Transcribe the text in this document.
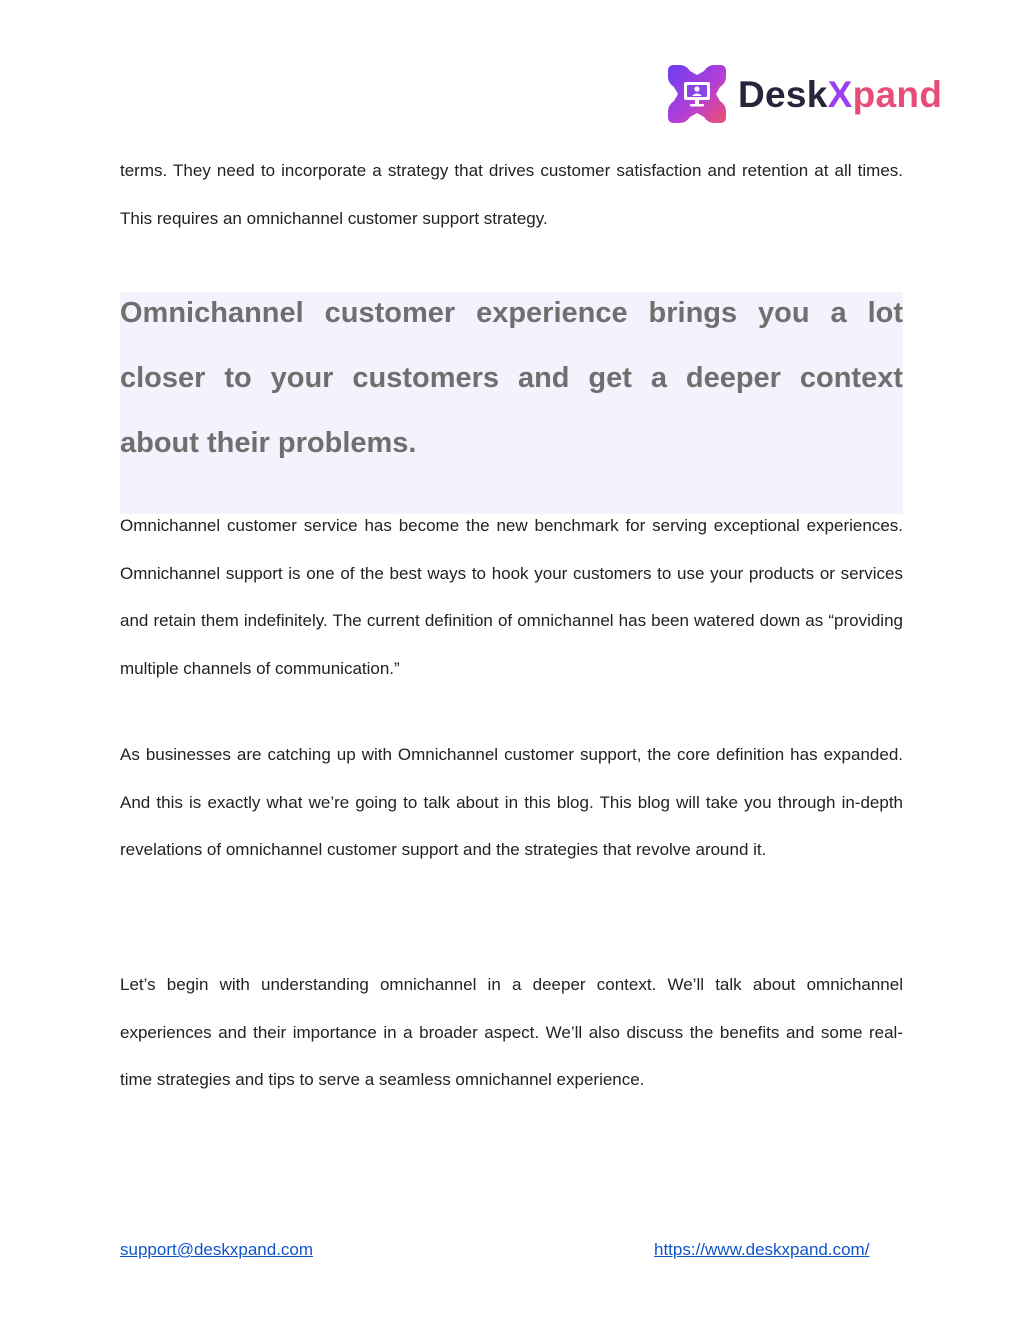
DeskXpand

terms. They need to incorporate a strategy that drives customer satisfaction and retention at all times. This requires an omnichannel customer support strategy.

Omnichannel customer experience brings you a lot closer to your customers and get a deeper context about their problems.

Omnichannel customer service has become the new benchmark for serving exceptional experiences. Omnichannel support is one of the best ways to hook your customers to use your products or services and retain them indefinitely. The current definition of omnichannel has been watered down as “providing multiple channels of communication.”

As businesses are catching up with Omnichannel customer support, the core definition has expanded. And this is exactly what we’re going to talk about in this blog. This blog will take you through in-depth revelations of omnichannel customer support and the strategies that revolve around it.

Let’s begin with understanding omnichannel in a deeper context. We’ll talk about omnichannel experiences and their importance in a broader aspect. We’ll also discuss the benefits and some real-time strategies and tips to serve a seamless omnichannel experience.

support@deskxpand.com	https://www.deskxpand.com/
